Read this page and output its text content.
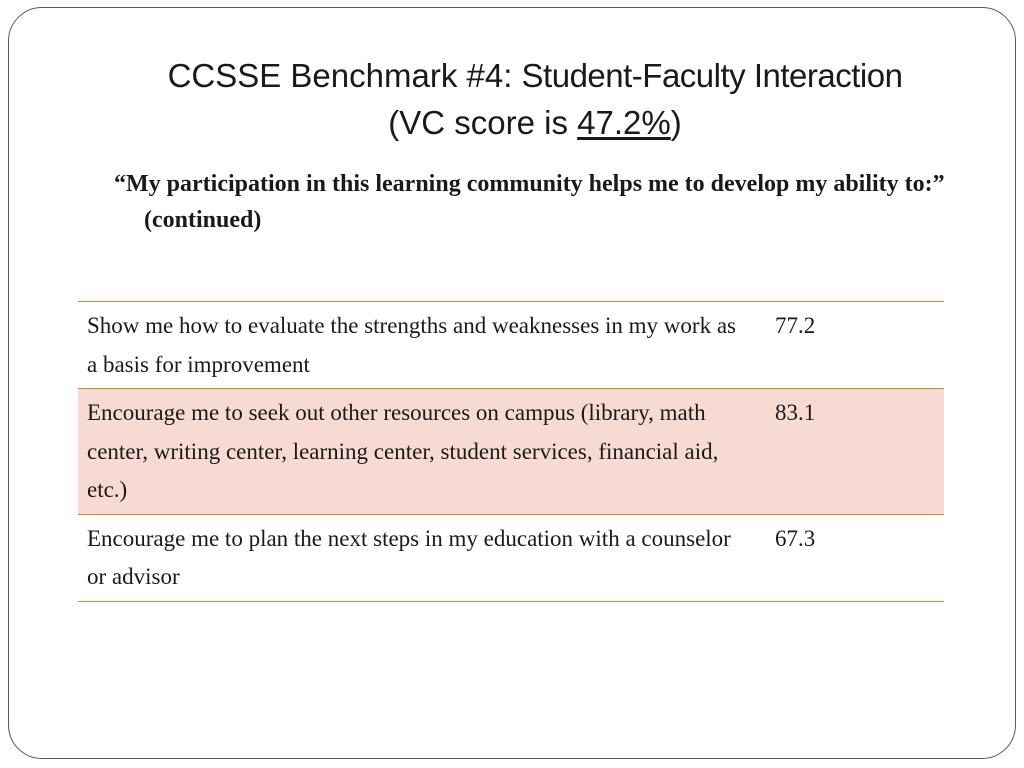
CCSSE Benchmark #4: Student-Faculty Interaction
(VC score is 47.2%)
“My participation in this learning community helps me to develop my ability to:” (continued)
Show me how to evaluate the strengths and weaknesses in my work as a basis for improvement	77.2
Encourage me to seek out other resources on campus (library, math center, writing center, learning center, student services, financial aid, etc.)	83.1
Encourage me to plan the next steps in my education with a counselor or advisor	67.3
